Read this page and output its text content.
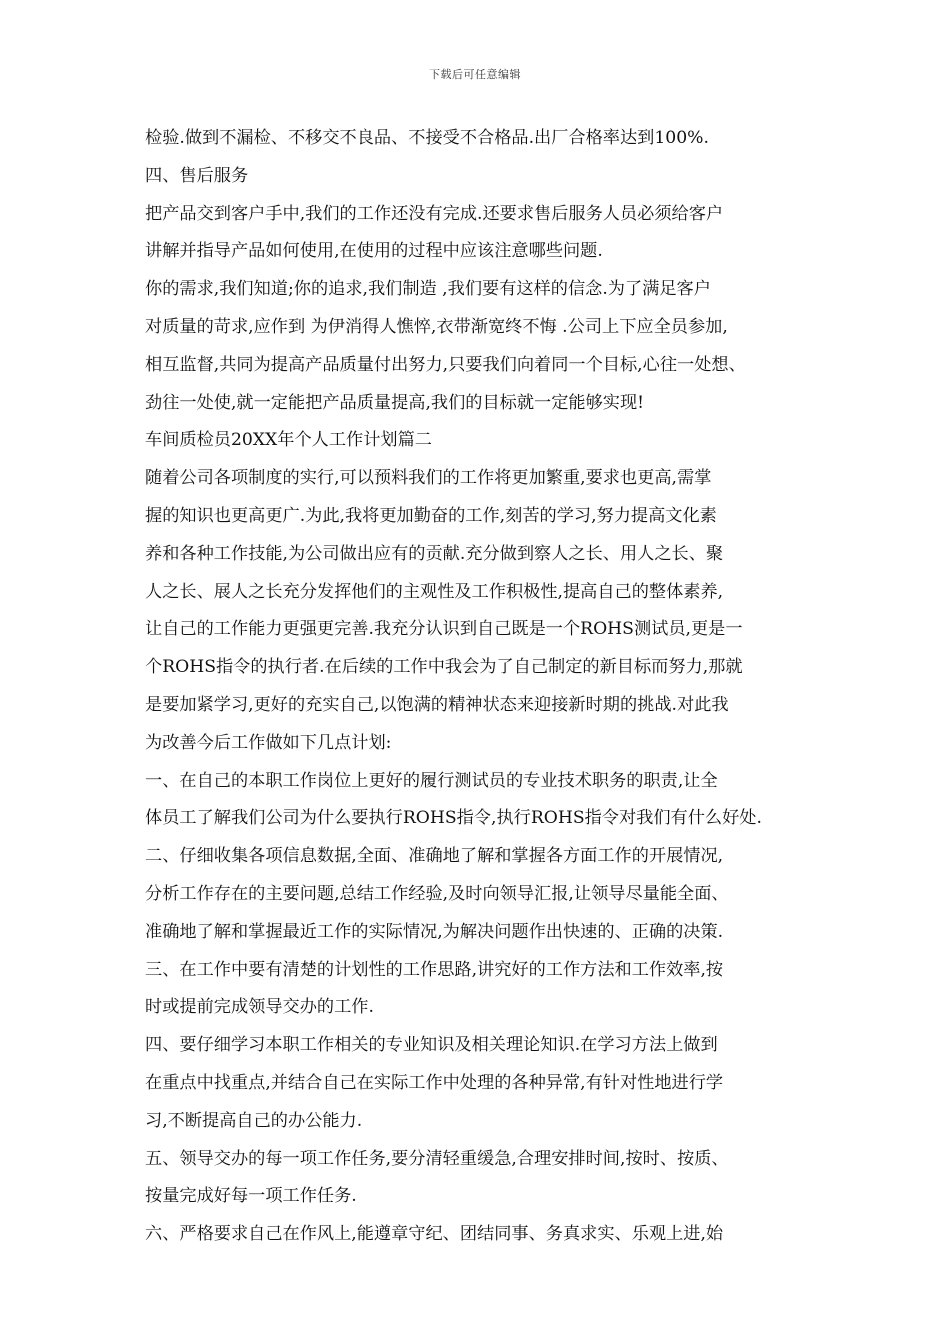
下载后可任意编辑
检验.做到不漏检、不移交不良品、不接受不合格品.出厂合格率达到100%.
四、售后服务
把产品交到客户手中,我们的工作还没有完成.还要求售后服务人员必须给客户
讲解并指导产品如何使用,在使用的过程中应该注意哪些问题.
你的需求,我们知道;你的追求,我们制造 ,我们要有这样的信念.为了满足客户
对质量的苛求,应作到 为伊消得人憔悴,衣带渐宽终不悔 .公司上下应全员参加,
相互监督,共同为提高产品质量付出努力,只要我们向着同一个目标,心往一处想、
劲往一处使,就一定能把产品质量提高,我们的目标就一定能够实现!
车间质检员20XX年个人工作计划篇二
随着公司各项制度的实行,可以预料我们的工作将更加繁重,要求也更高,需掌
握的知识也更高更广.为此,我将更加勤奋的工作,刻苦的学习,努力提高文化素
养和各种工作技能,为公司做出应有的贡献.充分做到察人之长、用人之长、聚
人之长、展人之长充分发挥他们的主观性及工作积极性,提高自己的整体素养,
让自己的工作能力更强更完善.我充分认识到自己既是一个ROHS测试员,更是一
个ROHS指令的执行者.在后续的工作中我会为了自己制定的新目标而努力,那就
是要加紧学习,更好的充实自己,以饱满的精神状态来迎接新时期的挑战.对此我
为改善今后工作做如下几点计划:
一、在自己的本职工作岗位上更好的履行测试员的专业技术职务的职责,让全
体员工了解我们公司为什么要执行ROHS指令,执行ROHS指令对我们有什么好处.
二、仔细收集各项信息数据,全面、准确地了解和掌握各方面工作的开展情况,
分析工作存在的主要问题,总结工作经验,及时向领导汇报,让领导尽量能全面、
准确地了解和掌握最近工作的实际情况,为解决问题作出快速的、正确的决策.
三、在工作中要有清楚的计划性的工作思路,讲究好的工作方法和工作效率,按
时或提前完成领导交办的工作.
四、要仔细学习本职工作相关的专业知识及相关理论知识.在学习方法上做到
在重点中找重点,并结合自己在实际工作中处理的各种异常,有针对性地进行学
习,不断提高自己的办公能力.
五、领导交办的每一项工作任务,要分清轻重缓急,合理安排时间,按时、按质、
按量完成好每一项工作任务.
六、严格要求自己在作风上,能遵章守纪、团结同事、务真求实、乐观上进,始
